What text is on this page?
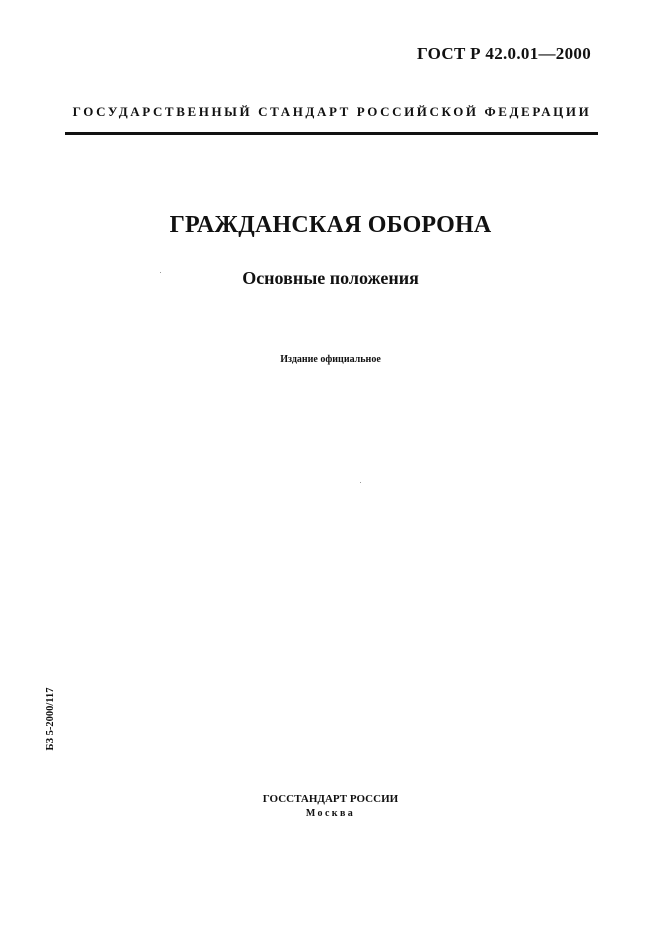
ГОСТ Р 42.0.01—2000
ГОСУДАРСТВЕННЫЙ СТАНДАРТ РОССИЙСКОЙ ФЕДЕРАЦИИ
ГРАЖДАНСКАЯ ОБОРОНА
Основные положения
Издание официальное
БЗ 5-2000/117
ГОССТАНДАРТ РОССИИ
Москва
